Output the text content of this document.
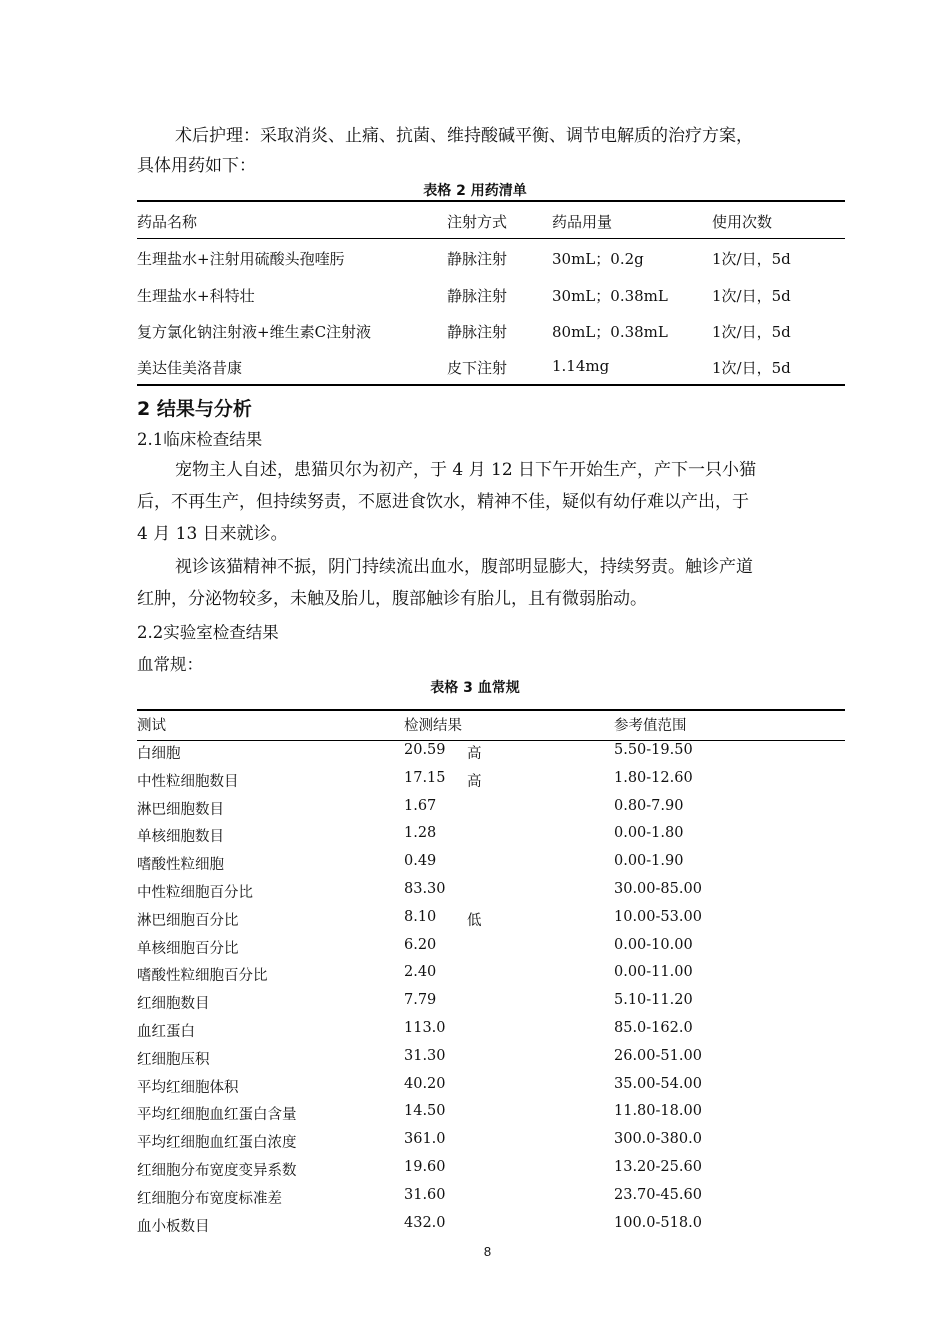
术后护理：采取消炎、止痛、抗菌、维持酸碱平衡、调节电解质的治疗方案，
具体用药如下：
表格 2 用药清单
药品名称	注射方式	药品用量	使用次数
生理盐水+注射用硫酸头孢喹肟	静脉注射	30mL；0.2g	1次/日，5d
生理盐水+科特壮	静脉注射	30mL；0.38mL	1次/日，5d
复方氯化钠注射液+维生素C注射液	静脉注射	80mL；0.38mL	1次/日，5d
美达佳美洛昔康	皮下注射	1.14mg	1次/日，5d
2 结果与分析
2.1临床检查结果
宠物主人自述，患猫贝尔为初产，于 4 月 12 日下午开始生产，产下一只小猫
后，不再生产，但持续努责，不愿进食饮水，精神不佳，疑似有幼仔难以产出，于
4 月 13 日来就诊。
视诊该猫精神不振，阴门持续流出血水，腹部明显膨大，持续努责。触诊产道
红肿，分泌物较多，未触及胎儿，腹部触诊有胎儿，且有微弱胎动。
2.2实验室检查结果
血常规：
表格 3 血常规
测试	检测结果	参考值范围
白细胞	20.59 高	5.50-19.50
中性粒细胞数目	17.15 高	1.80-12.60
淋巴细胞数目	1.67	0.80-7.90
单核细胞数目	1.28	0.00-1.80
嗜酸性粒细胞	0.49	0.00-1.90
中性粒细胞百分比	83.30	30.00-85.00
淋巴细胞百分比	8.10 低	10.00-53.00
单核细胞百分比	6.20	0.00-10.00
嗜酸性粒细胞百分比	2.40	0.00-11.00
红细胞数目	7.79	5.10-11.20
血红蛋白	113.0	85.0-162.0
红细胞压积	31.30	26.00-51.00
平均红细胞体积	40.20	35.00-54.00
平均红细胞血红蛋白含量	14.50	11.80-18.00
平均红细胞血红蛋白浓度	361.0	300.0-380.0
红细胞分布宽度变异系数	19.60	13.20-25.60
红细胞分布宽度标准差	31.60	23.70-45.60
血小板数目	432.0	100.0-518.0
8
